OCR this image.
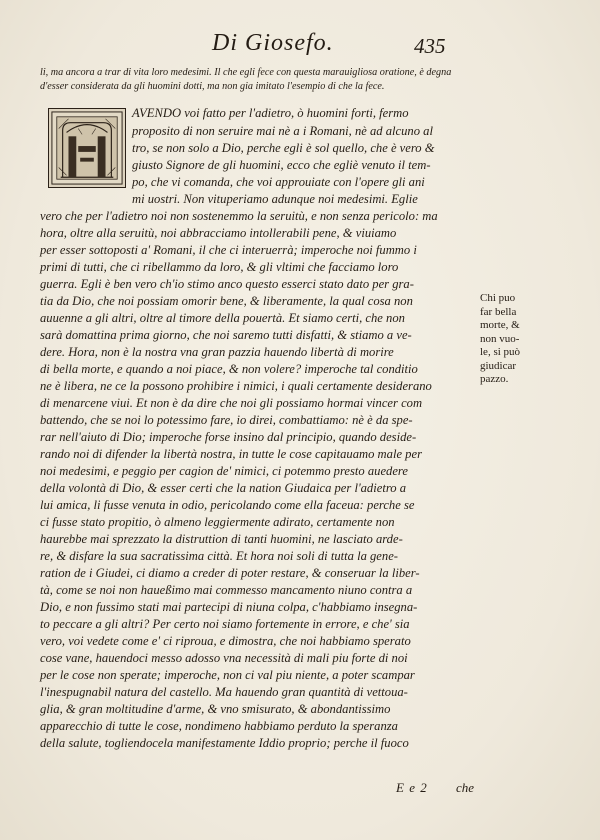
Di Giosefo.	435
li, ma ancora a trar di vita loro medesimi. Il che egli fece con questa marauigliosa oratione, è degna d'esser considerata da gli huomini dotti, ma non gia imitato l'esempio di che la fece.
AVENDO voi fatto per l'adietro, ò huomini forti, fermo
proposito di non seruire mai nè a i Romani, nè ad alcuno al
tro, se non solo a Dio, perche egli è sol quello, che è vero &
giusto Signore de gli huomini, ecco che egliè venuto il tem-
po, che vi comanda, che voi approuiate con l'opere gli ani
mi uostri. Non vituperiamo adunque noi medesimi. Eglie
vero che per l'adietro noi non sostenemmo la seruitù, e non senza pericolo: ma
hora, oltre alla seruitù, noi abbracciamo intollerabili pene, & viuiamo
per esser sottoposti a' Romani, il che ci interuerrà; imperoche noi fummo i
primi di tutti, che ci ribellammo da loro, & gli vltimi che facciamo loro
guerra. Egli è ben vero ch'io stimo anco questo esserci stato dato per gra-
tia da Dio, che noi possiam omorir bene, & liberamente, la qual cosa non
auuenne a gli altri, oltre al timore della pouertà. Et siamo certi, che non
sarà domattina prima giorno, che noi saremo tutti disfatti, & stiamo a ve-
dere. Hora, non è la nostra vna gran pazzia hauendo libertà di morire
di bella morte, e quando a noi piace, & non volere? imperoche tal conditio
ne è libera, ne ce la possono prohibire i nimici, i quali certamente desiderano
di menarcene viui. Et non è da dire che noi gli possiamo hormai vincer com
battendo, che se noi lo potessimo fare, io direi, combattiamo: nè è da spe-
rar nell'aiuto di Dio; imperoche forse insino dal principio, quando deside-
rando noi di difender la libertà nostra, in tutte le cose capitauamo male per
noi medesimi, e peggio per cagion de' nimici, ci potemmo presto auedere
della volontà di Dio, & esser certi che la nation Giudaica per l'adietro a
lui amica, li fusse venuta in odio, pericolando come ella faceua: perche se
ci fusse stato propitio, ò almeno leggiermente adirato, certamente non
haurebbe mai sprezzato la distruttion di tanti huomini, ne lasciato arde-
re, & disfare la sua sacratissima città. Et hora noi soli di tutta la gene-
ration de i Giudei, ci diamo a creder di poter restare, & conseruar la liber-
tà, come se noi non haueßimo mai commesso mancamento niuno contra a
Dio, e non fussimo stati mai partecipi di niuna colpa, c'habbiamo insegna-
to peccare a gli altri? Per certo noi siamo fortemente in errore, e che' sia
vero, voi vedete come e' ci riproua, e dimostra, che noi habbiamo sperato
cose vane, hauendoci messo adosso vna necessità di mali piu forte di noi
per le cose non sperate; imperoche, non ci val piu niente, a poter scampar
l'inespugnabil natura del castello. Ma hauendo gran quantità di vettoua-
glia, & gran moltitudine d'arme, & vno smisurato, & abondantissimo
apparecchio di tutte le cose, nondimeno habbiamo perduto la speranza
della salute, togliendocela manifestamente Iddio proprio; perche il fuoco
Chi puo
far bella
morte, &
non vuo-
le, si può
giudicar
pazzo.
E e 2 che
